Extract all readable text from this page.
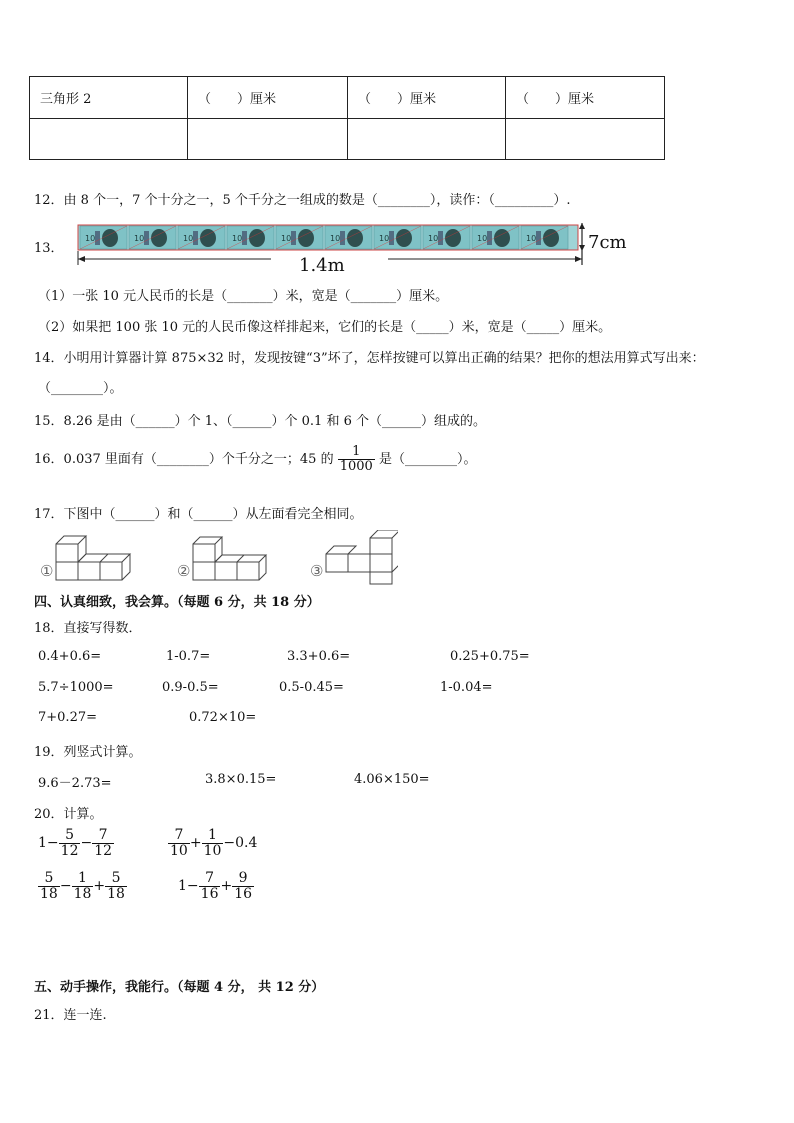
三角形 2	（　　）厘米	（　　）厘米	（　　）厘米

12．由 8 个一，7 个十分之一，5 个千分之一组成的数是（________），读作：（_________）.
13．
10	10	10	10	10	10	10	10	10	10
1.4m
7cm
（1）一张 10 元人民币的长是（_______）米，宽是（_______）厘米。
（2）如果把 100 张 10 元的人民币像这样排起来，它们的长是（_____）米，宽是（_____）厘米。
14．小明用计算器计算 875×32 时，发现按键“3”坏了，怎样按键可以算出正确的结果？把你的想法用算式写出来：
（________）。
15．8.26 是由（______）个 1、（______）个 0.1 和 6 个（______）组成的。
16．0.037 里面有（________）个千分之一；45 的 $\frac{1}{1000}$ 是（________）。
17．下图中（______）和（______）从左面看完全相同。
①	②	③
四、认真细致，我会算。（每题 6 分，共 18 分）
18．直接写得数．
0.4+0.6=	1-0.7=	3.3+0.6=	0.25+0.75=
5.7÷1000=	0.9-0.5=	0.5-0.45=	1-0.04=
7+0.27=	0.72×10=
19．列竖式计算。
9.6－2.73=	3.8×0.15=	4.06×150=
20．计算。
$1- \frac{5}{12} - \frac{7}{12}$	$\frac{7}{10} + \frac{1}{10} -0.4$
$\frac{5}{18} - \frac{1}{18} + \frac{5}{18}$	$1- \frac{7}{16} + \frac{9}{16}$
五、动手操作，我能行。（每题 4 分， 共 12 分）
21．连一连.
